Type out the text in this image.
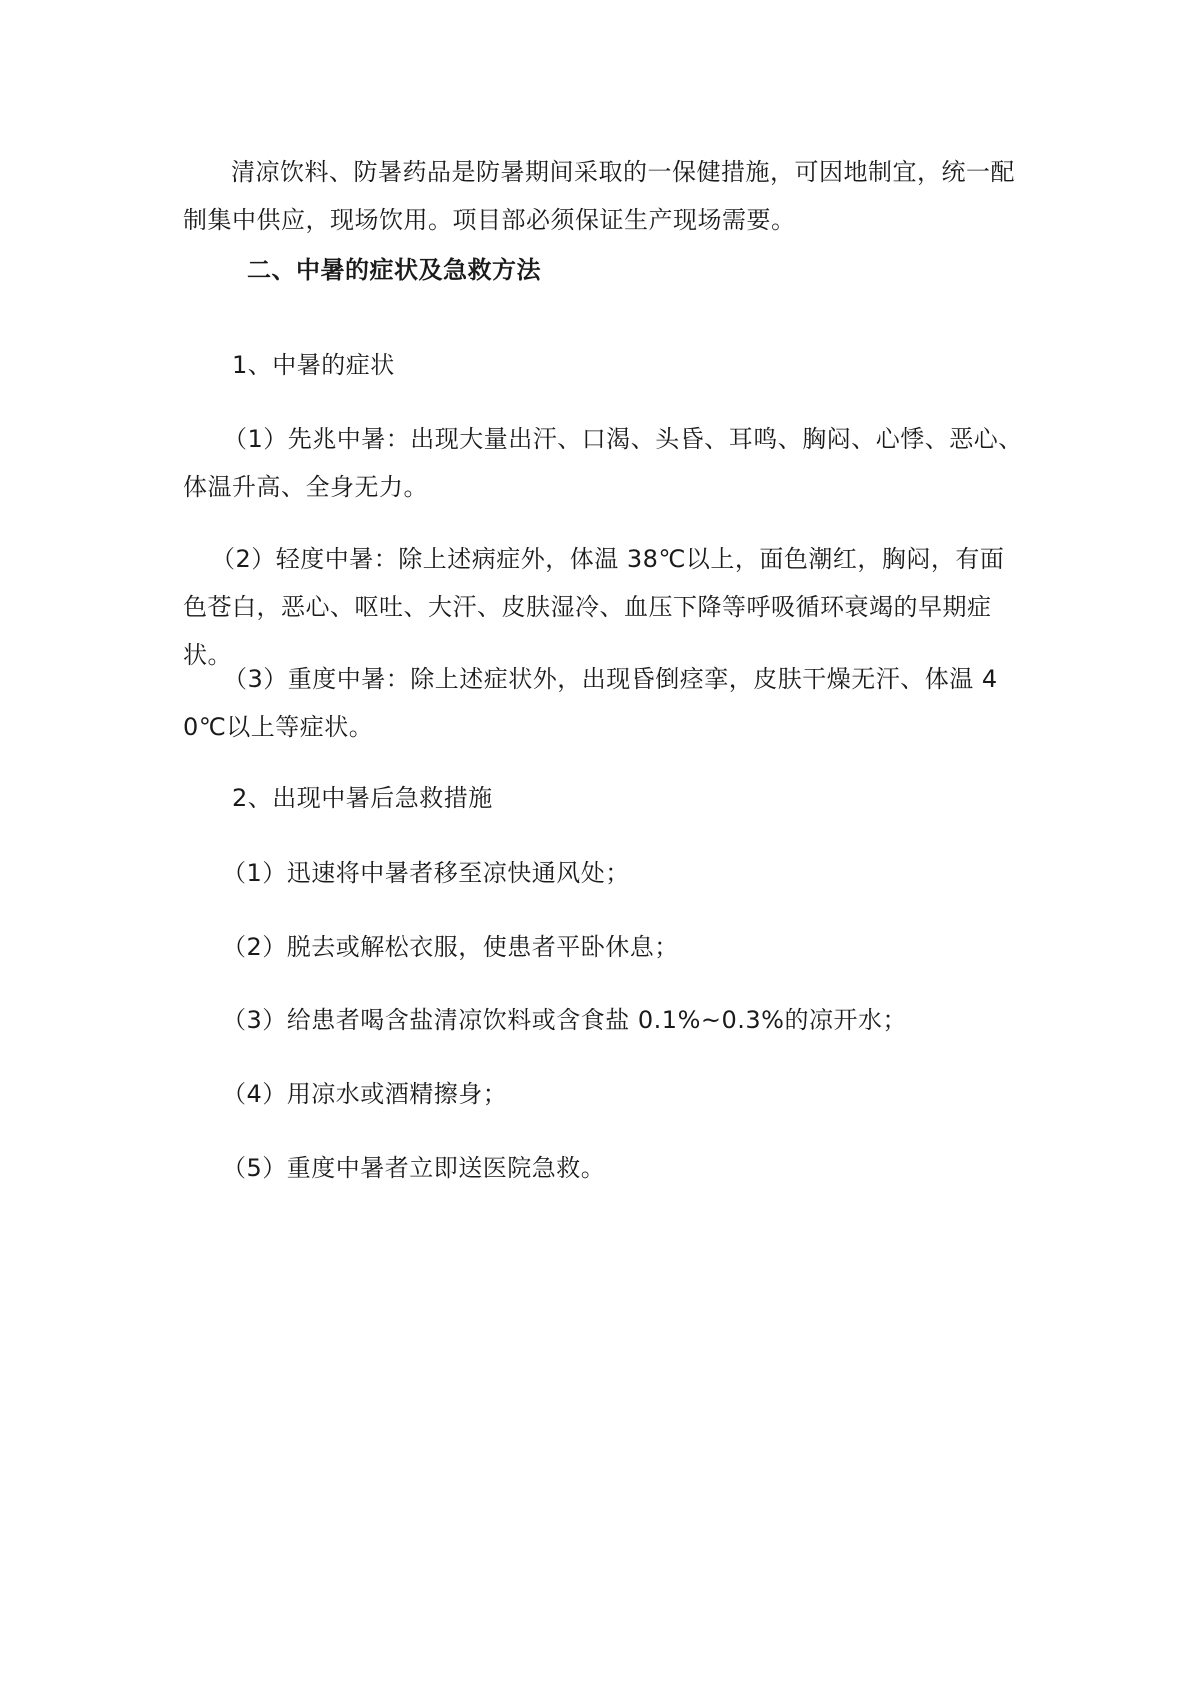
清凉饮料、防暑药品是防暑期间采取的一保健措施，可因地制宜，统一配制集中供应，现场饮用。项目部必须保证生产现场需要。

二、中暑的症状及急救方法

1、中暑的症状

（1）先兆中暑：出现大量出汗、口渴、头昏、耳鸣、胸闷、心悸、恶心、体温升高、全身无力。

（2）轻度中暑：除上述病症外，体温 38℃以上，面色潮红，胸闷，有面色苍白，恶心、呕吐、大汗、皮肤湿冷、血压下降等呼吸循环衰竭的早期症状。

（3）重度中暑：除上述症状外，出现昏倒痉挛，皮肤干燥无汗、体温 40℃以上等症状。

2、出现中暑后急救措施

（1）迅速将中暑者移至凉快通风处；

（2）脱去或解松衣服，使患者平卧休息；

（3）给患者喝含盐清凉饮料或含食盐 0.1%~0.3%的凉开水；

（4）用凉水或酒精擦身；

（5）重度中暑者立即送医院急救。
